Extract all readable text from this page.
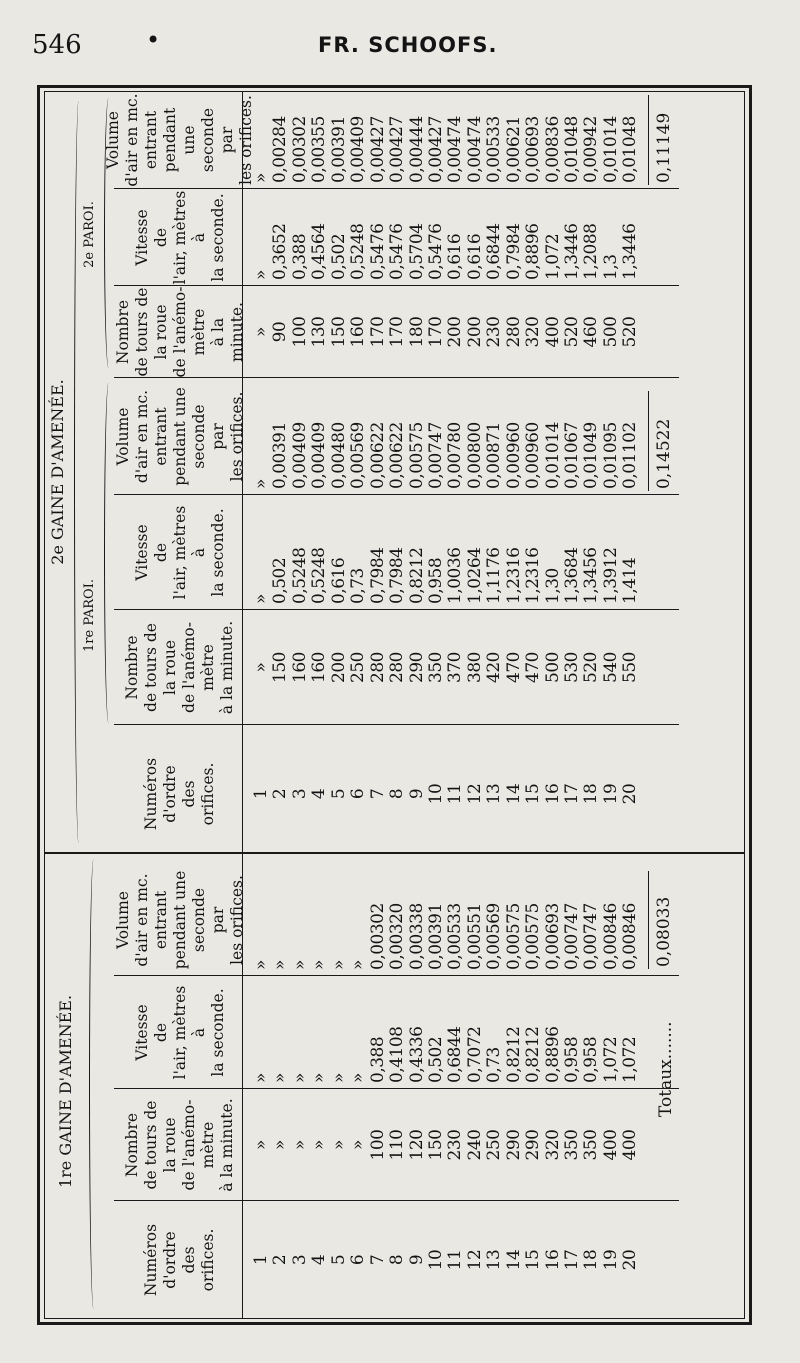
546	•	FR. SCHOOFS.
1re GAINE D'AMENÉE.
Numéros d'ordre des orifices.
Nombre de tours de la roue de l'anémo- mètre à la minute.
Vitesse de l'air, mètres à la seconde.
Volume d'air en mc. entrant pendant une seconde par les orifices.
1 2 3 4 5 6 7 8 9 10 11 12 13 14 15 16 17 18 19 20
» » » » » » 100 110 120 150 230 240 250 290 290 320 350 350 400 400
» » » » » » 0,388 0,4108 0,4336 0,502 0,6844 0,7072 0,73 0,8212 0,8212 0,8896 0,958 0,958 1,072 1,072
» » » » » » 0,00302 0,00320 0,00338 0,00391 0,00533 0,00551 0,00569 0,00575 0,00575 0,00693 0,00747 0,00747 0,00846 0,00846
Totaux.......
0,08033
2e GAINE D'AMENÉE.
1re PAROI.
2e PAROI.
Numéros d'ordre des orifices.
Nombre de tours de la roue de l'anémo- mètre à la minute.
Vitesse de l'air, mètres à la seconde.
Volume d'air en mc. entrant pendant une seconde par les orifices.
Nombre de tours de la roue de l'anémo- mètre à la minute.
Vitesse de l'air, mètres à la seconde.
Volume d'air en mc. entrant pendant une seconde par les orifices.
1 2 3 4 5 6 7 8 9 10 11 12 13 14 15 16 17 18 19 20
» 150 160 160 200 250 280 280 290 350 370 380 420 470 470 500 530 520 540 550
» 0,502 0,5248 0,5248 0,616 0,73 0,7984 0,7984 0,8212 0,958 1,0036 1,0264 1,1176 1,2316 1,2316 1,30 1,3684 1,3456 1,3912 1,414
» 0,00391 0,00409 0,00409 0,00480 0,00569 0,00622 0,00622 0,00575 0,00747 0,00780 0,00800 0,00871 0,00960 0,00960 0,01014 0,01067 0,01049 0,01095 0,01102
» 90 100 130 150 160 170 170 180 170 200 200 230 280 320 400 520 460 500 520
» 0,3652 0,388 0,4564 0,502 0,5248 0,5476 0,5476 0,5704 0,5476 0,616 0,616 0,6844 0,7984 0,8896 1,072 1,3446 1,2088 1,3 1,3446
» 0,00284 0,00302 0,00355 0,00391 0,00409 0,00427 0,00427 0,00444 0,00427 0,00474 0,00474 0,00533 0,00621 0,00693 0,00836 0,01048 0,00942 0,01014 0,01048
0,14522
0,11149
